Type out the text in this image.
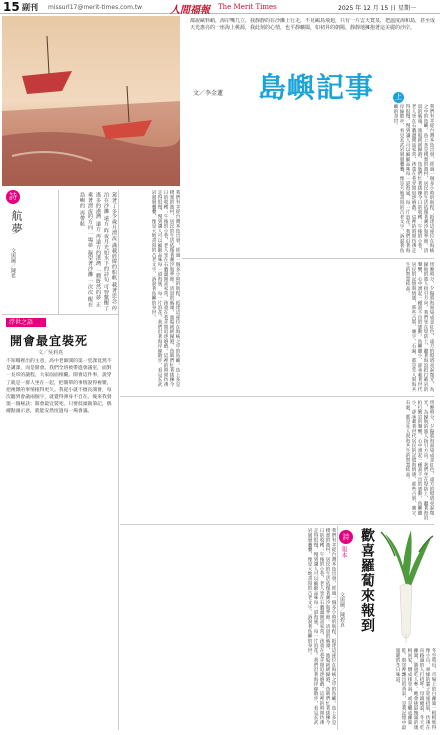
15 副刊 missurl17@merit-times.com.tw	人間福報 The Merit Times	2025 年 12 月 15 日 星期一
都說歐料峭，海岸嘴兀立，我靜靜的在沙灘上行走，不見鷗鳥飛迴，只有一片雲天寬泉，把溫度海和島，甚至成天光惠亮的一座海上桃源，我此刻的心情，也平靜曠闊，如初昇的朝陽，靜靜地擁抱著這美麗的沙岸。
島嶼記事	上
文／李金蓮
我們有幸從台灣本島出發，經過一個多小時的航程，抵達這座位在海峽之中的島嶼。島上多是樸實的漁村，居民的生活依循著潮汐與季節。清晨的碼頭，漁船緩緩歸港，魚販們忙著挑揀今日的收穫；午後的小巷，老人坐在石牆邊閒話家常，孩童在巷弄間追逐嬉戲。這裡的時間彷彿走得很慢，慢到讓人可以細細品味每一道海風、每一片浪花。我們沿著海岸線散步，看見玄武岩層層疊疊，像是大地書寫的古老文字，訴說著島嶼的身世。
傍晚時分，夕陽將海面染成金紅色，遠方的燈塔亮起微光，為歸航的漁人指引方向。我們坐在堤防上，聽著海浪拍打礁岩的聲響，心中湧起一種說不出的感動。島嶼雖小，卻承載著世代居民的記憶與情感，那些古厝、廟宇、石滬，都是先人與海共生的智慧結晶。
我們有幸從台灣本島出發，經過一個多小時的航程，抵達這座位在海峽之中的島嶼。島上多是樸實的漁村，居民的生活依循著潮汐與季節。清晨的碼頭，漁船緩緩歸港，魚販們忙著挑揀今日的收穫；午後的小巷，老人坐在石牆邊閒話家常，孩童在巷弄間追逐嬉戲。這裡的時間彷彿走得很慢，慢到讓人可以細細品味每一道海風、每一片浪花。我們沿著海岸線散步，看見玄武岩層層疊疊，像是大地書寫的古老文字，訴說著島嶼的身世。
傍晚時分，夕陽將海面染成金紅色，遠方的燈塔亮起微光，為歸航的漁人指引方向。我們坐在堤防上，聽著海浪拍打礁岩的聲響，心中湧起一種說不出的感動。島嶼雖小，卻承載著世代居民的記憶與情感，那些古厝、廟宇、石滬，都是先人與海共生的智慧結晶。
詩
航夢
文與圖／陳希	駕著了多少歲月漂流 滿載經緯的船帆 載著思念 停泊在沙灘 遠方 昨夜月光如水下的詩句 可曾驚醒了遙多的港灣 遠方 再遠方的港灣 一艘既然的夢 正乘著漂流的方向 一場夢 凝望著沙灘 一次次 醒在島嶼的 再帶航
浮世之語
開會最宜裝死
文／吳莉堯
不知哪裡出的主意，高中老師開的第一堂課竟然不是講課，而是開會。我們全班被帶進會議室，面對一長串的議程，大家面面相覷。開會這件事，說穿了就是一群人坐在一起，把簡單的事情說得複雜，把複雜的事情拖得更久。我從小就不擅長開會，每次聽到會議兩個字，就覺得渾身不自在。後來我發現一個秘訣：開會最宜裝死。只要低頭做筆記，偶爾點頭示意，就能安然度過每一場會議。
我們有幸從台灣本島出發，經過一個多小時的航程，抵達這座位在海峽之中的島嶼。島上多是樸實的漁村，居民的生活依循著潮汐與季節。清晨的碼頭，漁船緩緩歸港，魚販們忙著挑揀今日的收穫；午後的小巷，老人坐在石牆邊閒話家常，孩童在巷弄間追逐嬉戲。這裡的時間彷彿走得很慢，慢到讓人可以細細品味每一道海風、每一片浪花。我們沿著海岸線散步，看見玄武岩層層疊疊，像是大地書寫的古老文字，訴說著島嶼的身世。	詩
報本 歡喜羅蔔來報到
文與圖／陳碧貞
冬至將近，市場上的白蘿蔔一根根堆得像小山，翠綠的葉子迎風招展，彷彿在向路過的人打招呼。母親總說，冬天吃蘿蔔，勝過吃人參。她會挑最飽滿的幾根回家，燉成排骨湯，或是曬成蘿蔔乾。廚房裡飄出的香氣，是我記憶中最溫暖的冬日味道。
